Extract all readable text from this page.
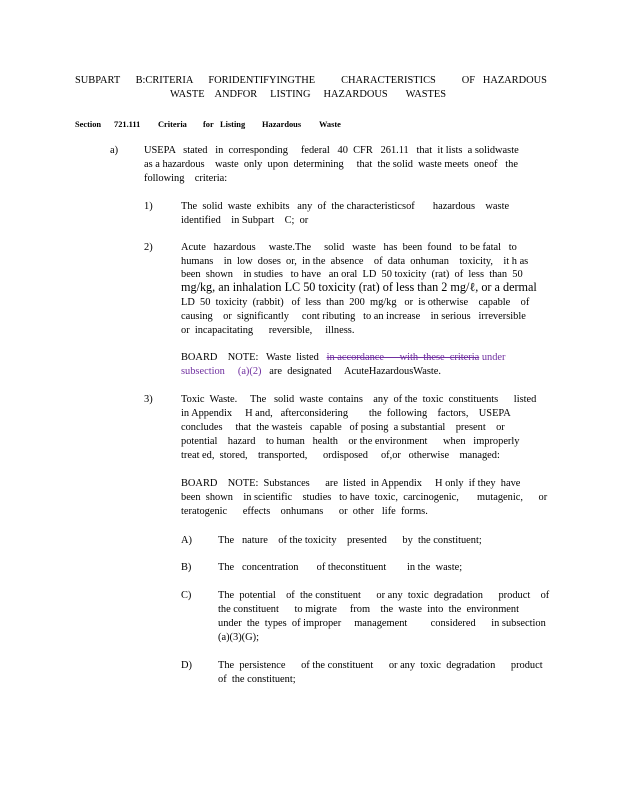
SUBPART      B:CRITERIA      FORIDENTIFYINGTHE          CHARACTERISTICS          OF   HAZARDOUS
WASTE    ANDFOR     LISTING     HAZARDOUS       WASTES
Section 721.111 Criteria for Listing Hazardous Waste
a) USEPA   stated   in  corresponding     federal   40  CFR   261.11   that  it lists  a solidwaste
as a hazardous    waste  only  upon  determining     that  the solid  waste meets  oneof   the
following    criteria:
1)	The  solid  waste  exhibits   any  of  the characteristicsof       hazardous    waste
identified    in Subpart    C;  or
2)	Acute   hazardous     waste.The     solid   waste   has  been  found   to be fatal   to
humans    in  low  doses  or,  in the  absence    of  data  onhuman    toxicity,    it h as
been  shown    in studies   to have   an oral  LD  50 toxicity  (rat)  of  less  than  50
mg/kg, an inhalation LC 50 toxicity (rat) of less than 2 mg/ℓ, or a dermal
LD  50  toxicity  (rabbit)   of  less  than  200  mg/kg   or  is otherwise    capable    of
causing    or  significantly     cont ributing   to an increase    in serious   irreversible
or  incapacitating      reversible,     illness.
BOARD    NOTE:   Waste  listed   in accordance      with  these  criteria under
subsection     (a)(2)   are  designated     AcuteHazardousWaste.
3)	Toxic  Waste.     The   solid  waste  contains    any  of the  toxic  constituents      listed
in Appendix     H and,   afterconsidering        the  following    factors,    USEPA
concludes     that  the wasteis   capable   of posing  a substantial    present    or
potential    hazard    to human   health    or the environment      when   improperly
treat ed,  stored,    transported,      ordisposed     of,or   otherwise    managed:
BOARD    NOTE:  Substances      are  listed  in Appendix     H only  if they  have
been  shown    in scientific    studies   to have  toxic,  carcinogenic,       mutagenic,      or
teratogenic      effects    onhumans      or  other   life  forms.
A)	The   nature    of the toxicity    presented      by  the constituent;
B)	The   concentration       of theconstituent        in the  waste;
C)	The  potential    of  the constituent      or any  toxic  degradation      product    of
the constituent      to migrate     from    the  waste  into  the  environment
under  the  types  of improper     management         considered      in subsection
(a)(3)(G);
D)	The  persistence      of the constituent      or any  toxic  degradation      product
of  the constituent;
